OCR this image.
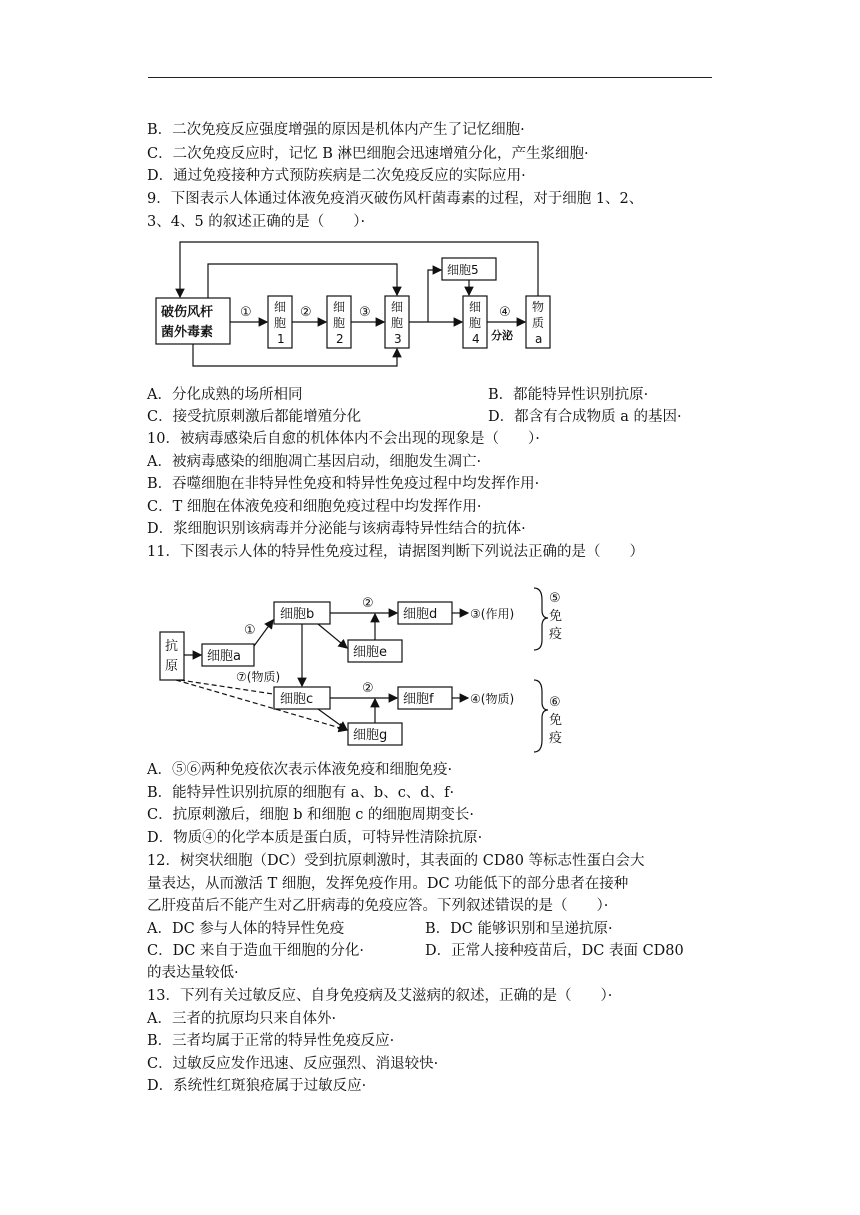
B．二次免疫反应强度增强的原因是机体内产生了记忆细胞·
C．二次免疫反应时，记忆 B 淋巴细胞会迅速增殖分化，产生浆细胞·
D．通过免疫接种方式预防疾病是二次免疫反应的实际应用·
9．下图表示人体通过体液免疫消灭破伤风杆菌毒素的过程，对于细胞 1、2、
3、4、5 的叙述正确的是（　　）·
破伤风杆
菌外毒素
①	②	③	④
分泌
细胞5
细
胞
1
细
胞
2
细
胞
3
细
胞
4
物
质
a
A．分化成熟的场所相同	B．都能特异性识别抗原·
C．接受抗原刺激后都能增殖分化	D．都含有合成物质 a 的基因·
10．被病毒感染后自愈的机体体内不会出现的现象是（　　）·
A．被病毒感染的细胞凋亡基因启动，细胞发生凋亡·
B．吞噬细胞在非特异性免疫和特异性免疫过程中均发挥作用·
C．T 细胞在体液免疫和细胞免疫过程中均发挥作用·
D．浆细胞识别该病毒并分泌能与该病毒特异性结合的抗体·
11．下图表示人体的特异性免疫过程，请据图判断下列说法正确的是（　　）
抗
原
细胞a
细胞b
细胞c
细胞d
细胞e
细胞f
细胞g
①
②
②
③(作用)
④(物质)
⑦(物质)
⑤
免
疫
⑥
免
疫
A．⑤⑥两种免疫依次表示体液免疫和细胞免疫·
B．能特异性识别抗原的细胞有 a、b、c、d、f·
C．抗原刺激后，细胞 b 和细胞 c 的细胞周期变长·
D．物质④的化学本质是蛋白质，可特异性清除抗原·
12．树突状细胞（DC）受到抗原刺激时，其表面的 CD80 等标志性蛋白会大
量表达，从而激活 T 细胞，发挥免疫作用。DC 功能低下的部分患者在接种
乙肝疫苗后不能产生对乙肝病毒的免疫应答。下列叙述错误的是（　　）·
A．DC 参与人体的特异性免疫	B．DC 能够识别和呈递抗原·
C．DC 来自于造血干细胞的分化·	D．正常人接种疫苗后，DC 表面 CD80
的表达量较低·
13．下列有关过敏反应、自身免疫病及艾滋病的叙述，正确的是（　　）·
A．三者的抗原均只来自体外·
B．三者均属于正常的特异性免疫反应·
C．过敏反应发作迅速、反应强烈、消退较快·
D．系统性红斑狼疮属于过敏反应·
